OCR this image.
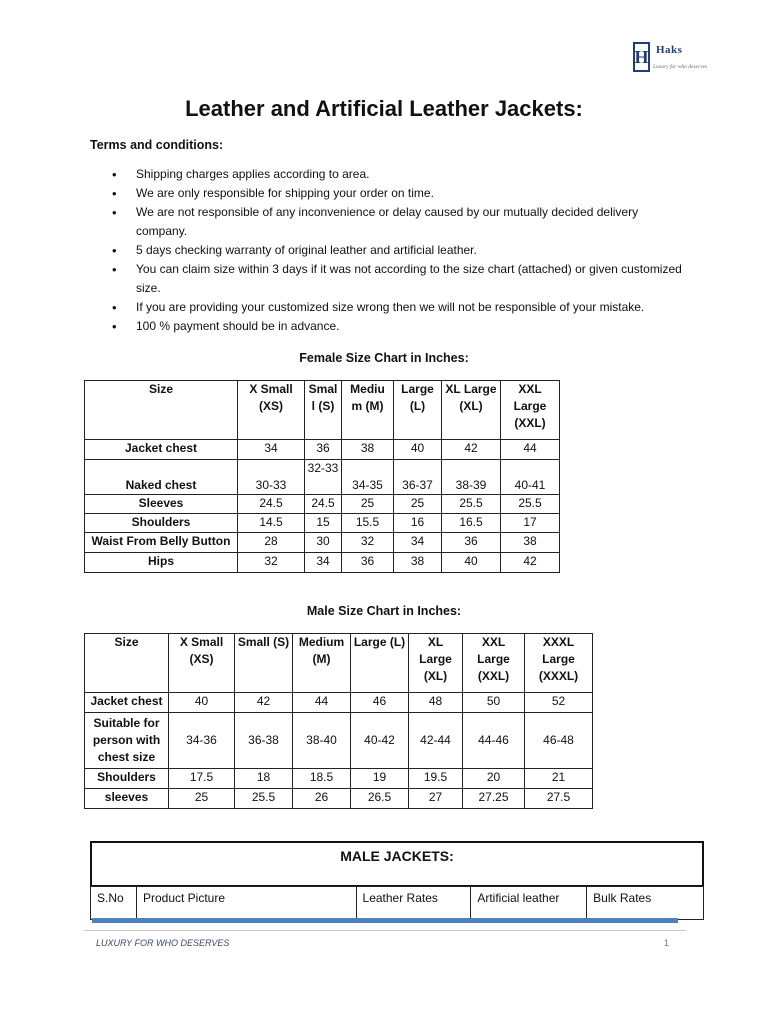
H Haks
Luxury for who deserves
Leather and Artificial Leather Jackets:
Terms and conditions:
• Shipping charges applies according to area.
• We are only responsible for shipping your order on time.
• We are not responsible of any inconvenience or delay caused by our mutually decided delivery company.
• 5 days checking warranty of original leather and artificial leather.
• You can claim size within 3 days if it was not according to the size chart (attached) or given customized size.
• If you are providing your customized size wrong then we will not be responsible of your mistake.
• 100 % payment should be in advance.
Female Size Chart in Inches:
Size	X Small (XS)	Smal l (S)	Mediu m (M)	Large (L)	XL Large (XL)	XXL Large (XXL)
Jacket chest	34	36	38	40	42	44
Naked chest	30-33	32-33	34-35	36-37	38-39	40-41
Sleeves	24.5	24.5	25	25	25.5	25.5
Shoulders	14.5	15	15.5	16	16.5	17
Waist From Belly Button	28	30	32	34	36	38
Hips	32	34	36	38	40	42
Male Size Chart in Inches:
Size	X Small (XS)	Small (S)	Medium (M)	Large (L)	XL Large (XL)	XXL Large (XXL)	XXXL Large (XXXL)
Jacket chest	40	42	44	46	48	50	52
Suitable for person with chest size	34-36	36-38	38-40	40-42	42-44	44-46	46-48
Shoulders	17.5	18	18.5	19	19.5	20	21
sleeves	25	25.5	26	26.5	27	27.25	27.5
MALE JACKETS:
S.No	Product Picture	Leather Rates	Artificial leather	Bulk Rates
LUXURY FOR WHO DESERVES	1
